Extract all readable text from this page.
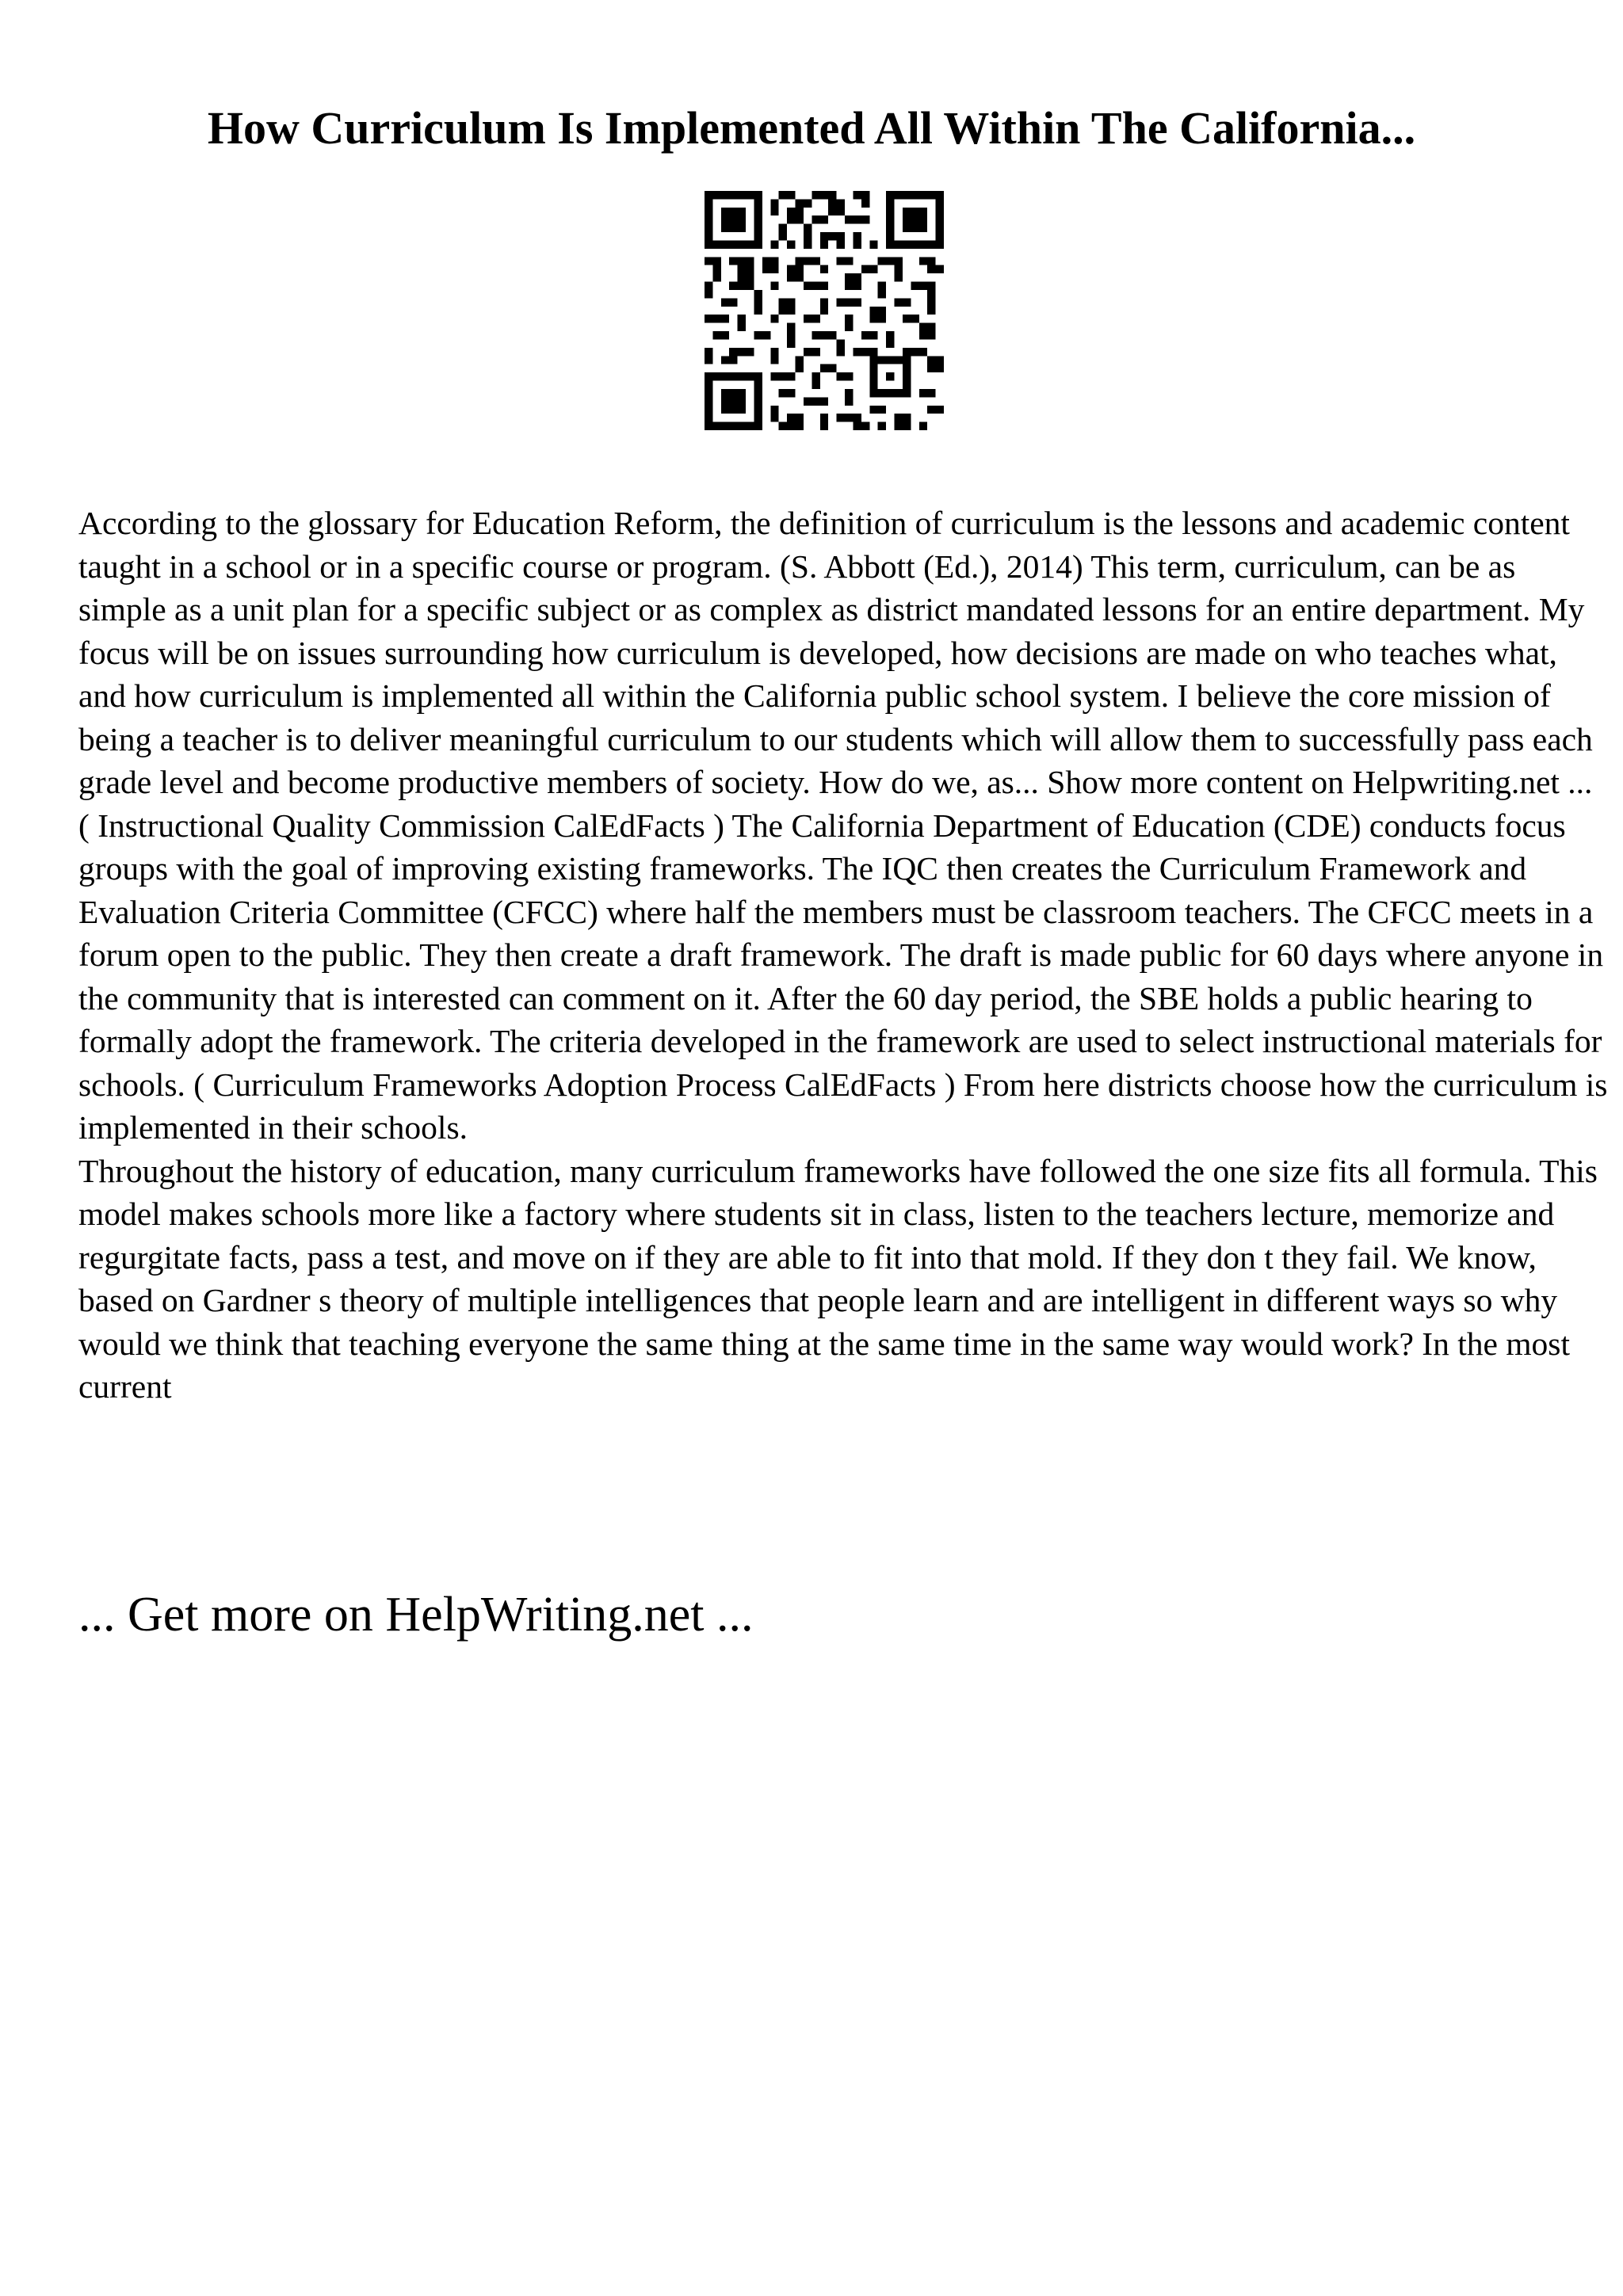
How Curriculum Is Implemented All Within The California...

According to the glossary for Education Reform, the definition of curriculum is the lessons and academic content taught in a school or in a specific course or program. (S. Abbott (Ed.), 2014) This term, curriculum, can be as simple as a unit plan for a specific subject or as complex as district mandated lessons for an entire department. My focus will be on issues surrounding how curriculum is developed, how decisions are made on who teaches what, and how curriculum is implemented all within the California public school system. I believe the core mission of being a teacher is to deliver meaningful curriculum to our students which will allow them to successfully pass each grade level and become productive members of society. How do we, as... Show more content on Helpwriting.net ...

( Instructional Quality Commission CalEdFacts ) The California Department of Education (CDE) conducts focus groups with the goal of improving existing frameworks. The IQC then creates the Curriculum Framework and Evaluation Criteria Committee (CFCC) where half the members must be classroom teachers. The CFCC meets in a forum open to the public. They then create a draft framework. The draft is made public for 60 days where anyone in the community that is interested can comment on it. After the 60 day period, the SBE holds a public hearing to formally adopt the framework. The criteria developed in the framework are used to select instructional materials for schools. ( Curriculum Frameworks Adoption Process CalEdFacts ) From here districts choose how the curriculum is implemented in their schools.

Throughout the history of education, many curriculum frameworks have followed the one size fits all formula. This model makes schools more like a factory where students sit in class, listen to the teachers lecture, memorize and regurgitate facts, pass a test, and move on if they are able to fit into that mold. If they don t they fail. We know, based on Gardner s theory of multiple intelligences that people learn and are intelligent in different ways so why would we think that teaching everyone the same thing at the same time in the same way would work? In the most current

... Get more on HelpWriting.net ...
